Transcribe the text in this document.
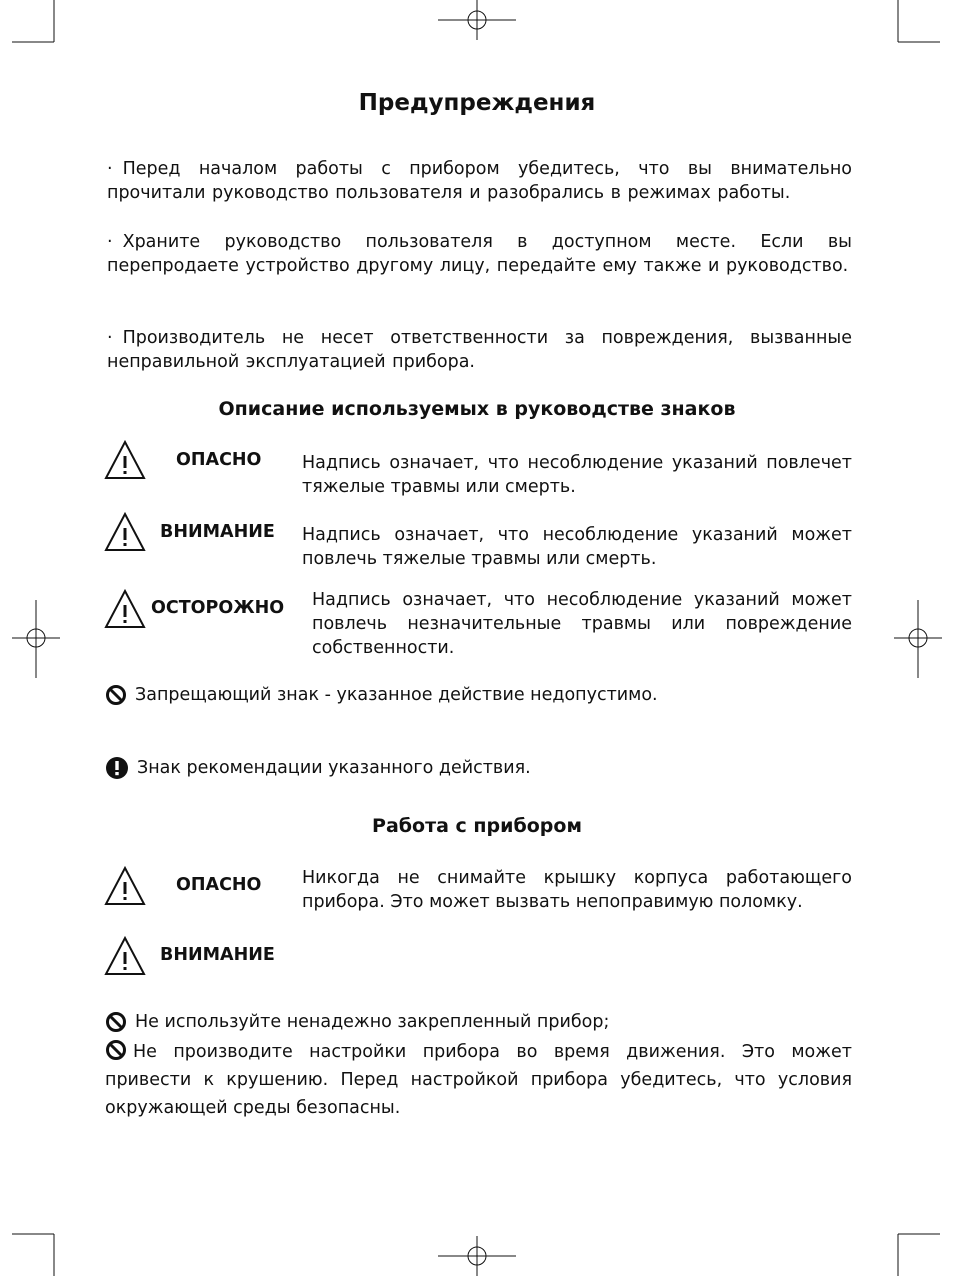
Предупреждения
· Перед началом работы с прибором убедитесь, что вы внимательно прочитали руководство пользователя и разобрались в режимах работы.
· Храните руководство пользователя в доступном месте. Если вы перепродаете устройство другому лицу, передайте ему также и руководство.
· Производитель не несет ответственности за повреждения, вызванные неправильной эксплуатацией прибора.
Описание используемых в руководстве знаков
ОПАСНО Надпись означает, что несоблюдение указаний повлечет тяжелые травмы или смерть.
ВНИМАНИЕ Надпись означает, что несоблюдение указаний может повлечь тяжелые травмы или смерть.
ОСТОРОЖНО Надпись означает, что несоблюдение указаний может повлечь незначительные травмы или повреждение собственности.
Запрещающий знак - указанное действие недопустимо.
Знак рекомендации указанного действия.
Работа с прибором
ОПАСНО Никогда не снимайте крышку корпуса работающего прибора. Это может вызвать непоправимую поломку.
ВНИМАНИЕ
Не используйте ненадежно закрепленный прибор;
Не производите настройки прибора во время движения. Это может привести к крушению. Перед настройкой прибора убедитесь, что условия окружающей среды безопасны.
